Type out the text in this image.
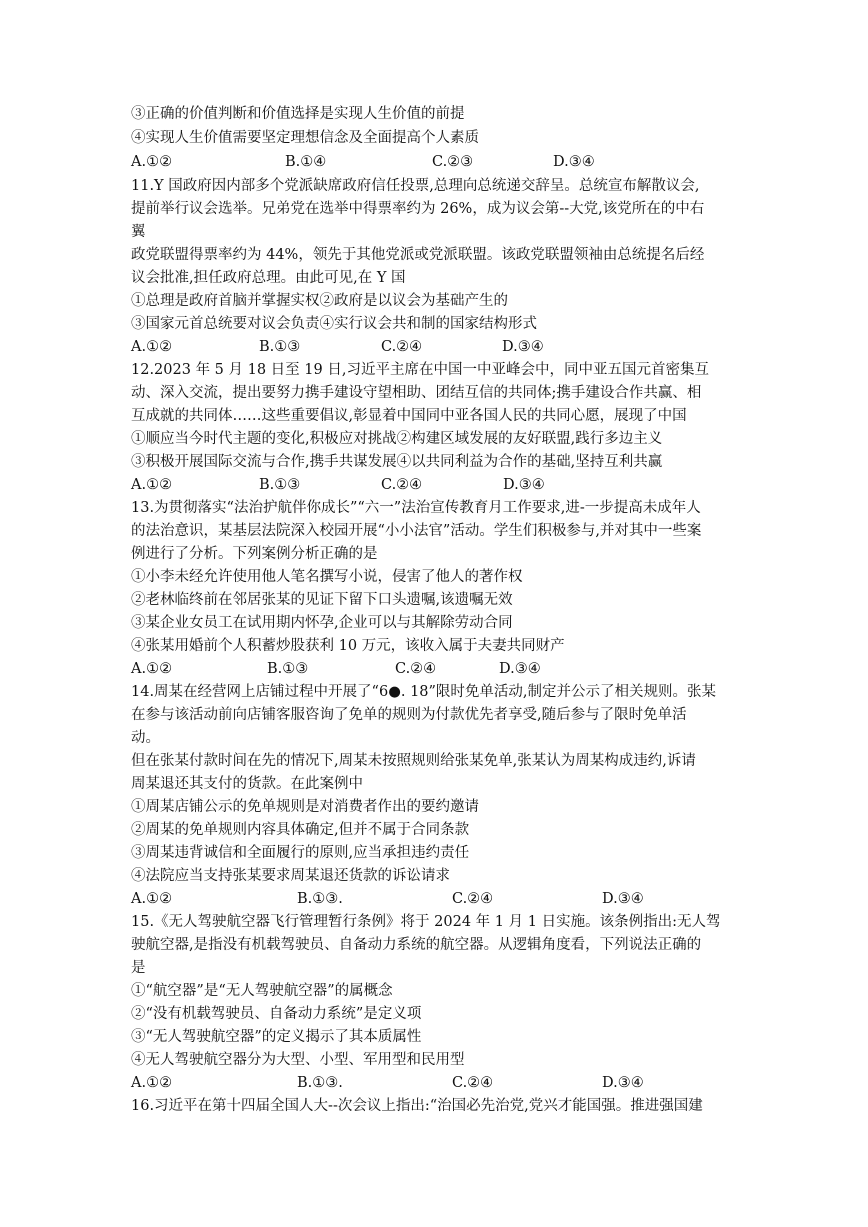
③正确的价值判断和价值选择是实现人生价值的前提
④实现人生价值需要坚定理想信念及全面提高个人素质
A.①②	B.①④	C.②③	D.③④
11.Y 国政府因内部多个党派缺席政府信任投票,总理向总统递交辞呈。总统宣布解散议会,
提前举行议会选举。兄弟党在选举中得票率约为 26%，成为议会第--大党,该党所在的中右
翼
政党联盟得票率约为 44%，领先于其他党派或党派联盟。该政党联盟领袖由总统提名后经
议会批准,担任政府总理。由此可见,在 Y 国
①总理是政府首脑并掌握实权②政府是以议会为基础产生的
③国家元首总统要对议会负责④实行议会共和制的国家结构形式
A.①②	B.①③	C.②④	D.③④
12.2023 年 5 月 18 日至 19 日,习近平主席在中国一中亚峰会中，同中亚五国元首密集互
动、深入交流，提出要努力携手建设守望相助、团结互信的共同体;携手建设合作共赢、相
互成就的共同体……这些重要倡议,彰显着中国同中亚各国人民的共同心愿，展现了中国
①顺应当今时代主题的变化,积极应对挑战②构建区域发展的友好联盟,践行多边主义
③积极开展国际交流与合作,携手共谋发展④以共同利益为合作的基础,坚持互利共赢
A.①②	B.①③	C.②④	D.③④
13.为贯彻落实“法治护航伴你成长”“六一”法治宣传教育月工作要求,进-一步提高未成年人
的法治意识，某基层法院深入校园开展“小小法官”活动。学生们积极参与,并对其中一些案
例进行了分析。下列案例分析正确的是
①小李未经允许使用他人笔名撰写小说，侵害了他人的著作权
②老林临终前在邻居张某的见证下留下口头遗嘱,该遗嘱无效
③某企业女员工在试用期内怀孕,企业可以与其解除劳动合同
④张某用婚前个人积蓄炒股获利 10 万元，该收入属于夫妻共同财产
A.①②	B.①③	C.②④	D.③④
14.周某在经营网上店铺过程中开展了“6●. 18”限时免单活动,制定并公示了相关规则。张某
在参与该活动前向店铺客服咨询了免单的规则为付款优先者享受,随后参与了限时免单活
动。
但在张某付款时间在先的情况下,周某未按照规则给张某免单,张某认为周某构成违约,诉请
周某退还其支付的货款。在此案例中
①周某店铺公示的免单规则是对消费者作出的要约邀请
②周某的免单规则内容具体确定,但并不属于合同条款
③周某违背诚信和全面履行的原则,应当承担违约责任
④法院应当支持张某要求周某退还货款的诉讼请求
A.①②	B.①③.	C.②④	D.③④
15.《无人驾驶航空器飞行管理暂行条例》将于 2024 年 1 月 1 日实施。该条例指出:无人驾
驶航空器,是指没有机载驾驶员、自备动力系统的航空器。从逻辑角度看，下列说法正确的
是
①“航空器”是“无人驾驶航空器”的属概念
②“没有机载驾驶员、自备动力系统”是定义项
③“无人驾驶航空器”的定义揭示了其本质属性
④无人驾驶航空器分为大型、小型、军用型和民用型
A.①②	B.①③.	C.②④	D.③④
16.习近平在第十四届全国人大--次会议上指出:“治国必先治党,党兴才能国强。推进强国建
